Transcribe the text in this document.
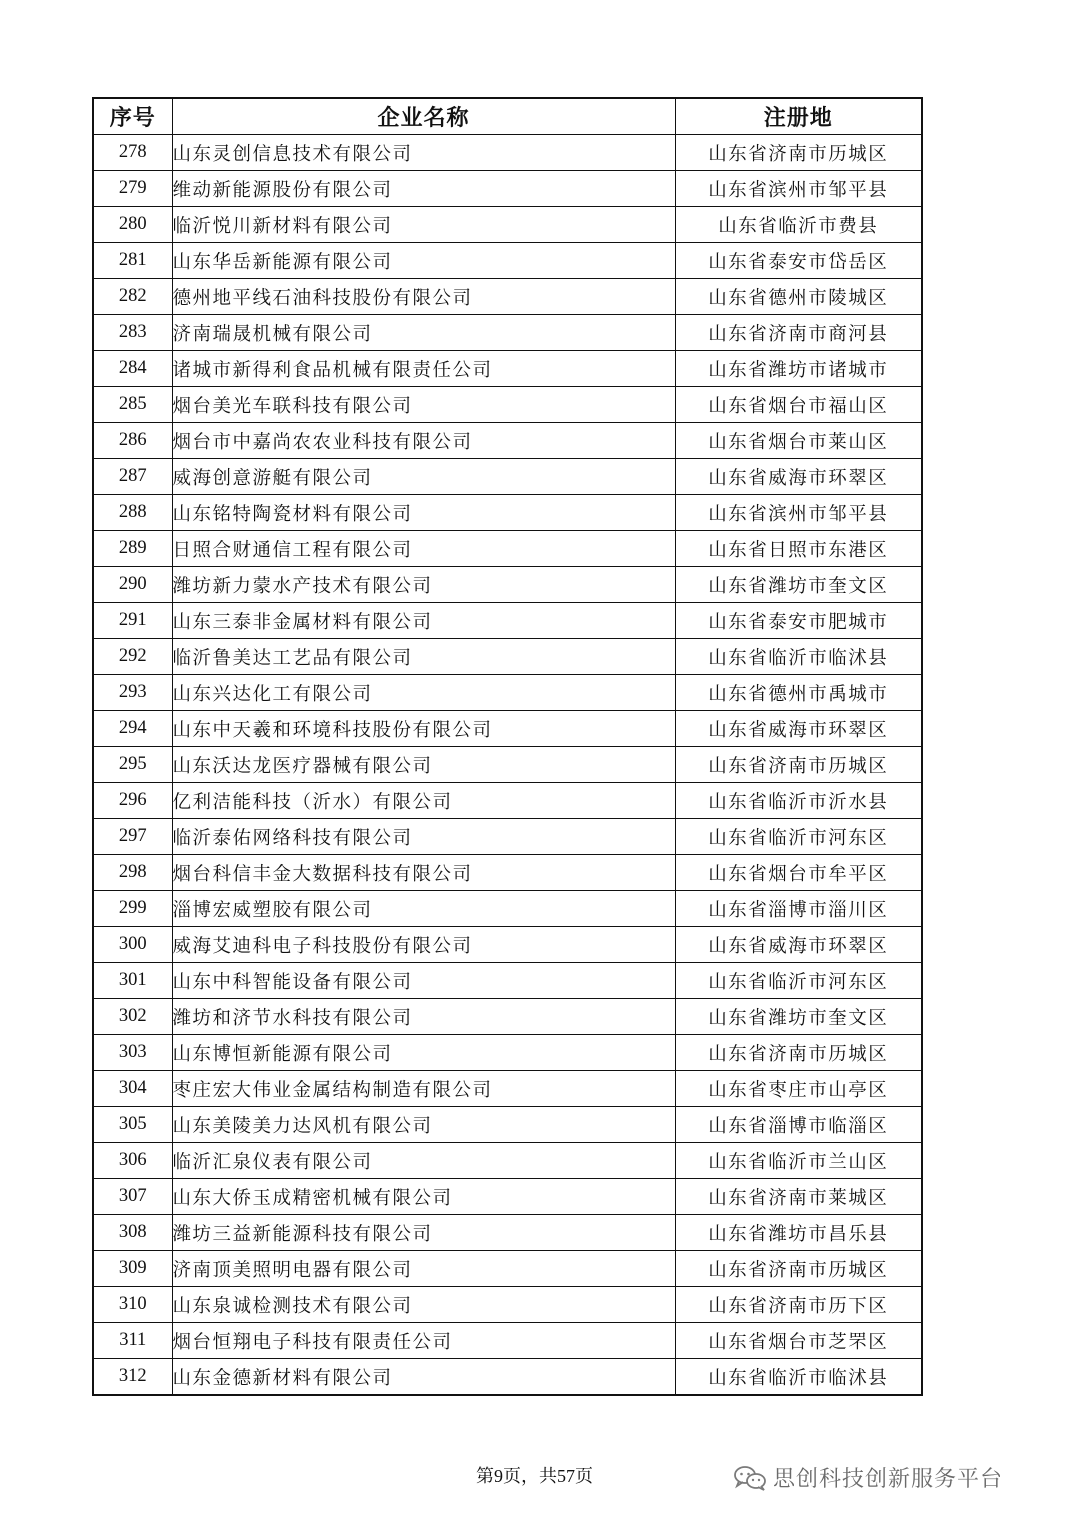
序号	企业名称	注册地
278	山东灵创信息技术有限公司	山东省济南市历城区
279	维动新能源股份有限公司	山东省滨州市邹平县
280	临沂悦川新材料有限公司	山东省临沂市费县
281	山东华岳新能源有限公司	山东省泰安市岱岳区
282	德州地平线石油科技股份有限公司	山东省德州市陵城区
283	济南瑞晟机械有限公司	山东省济南市商河县
284	诸城市新得利食品机械有限责任公司	山东省潍坊市诸城市
285	烟台美光车联科技有限公司	山东省烟台市福山区
286	烟台市中嘉尚农农业科技有限公司	山东省烟台市莱山区
287	威海创意游艇有限公司	山东省威海市环翠区
288	山东铭特陶瓷材料有限公司	山东省滨州市邹平县
289	日照合财通信工程有限公司	山东省日照市东港区
290	潍坊新力蒙水产技术有限公司	山东省潍坊市奎文区
291	山东三泰非金属材料有限公司	山东省泰安市肥城市
292	临沂鲁美达工艺品有限公司	山东省临沂市临沭县
293	山东兴达化工有限公司	山东省德州市禹城市
294	山东中天羲和环境科技股份有限公司	山东省威海市环翠区
295	山东沃达龙医疗器械有限公司	山东省济南市历城区
296	亿利洁能科技（沂水）有限公司	山东省临沂市沂水县
297	临沂泰佑网络科技有限公司	山东省临沂市河东区
298	烟台科信丰金大数据科技有限公司	山东省烟台市牟平区
299	淄博宏威塑胶有限公司	山东省淄博市淄川区
300	威海艾迪科电子科技股份有限公司	山东省威海市环翠区
301	山东中科智能设备有限公司	山东省临沂市河东区
302	潍坊和济节水科技有限公司	山东省潍坊市奎文区
303	山东博恒新能源有限公司	山东省济南市历城区
304	枣庄宏大伟业金属结构制造有限公司	山东省枣庄市山亭区
305	山东美陵美力达风机有限公司	山东省淄博市临淄区
306	临沂汇泉仪表有限公司	山东省临沂市兰山区
307	山东大侨玉成精密机械有限公司	山东省济南市莱城区
308	潍坊三益新能源科技有限公司	山东省潍坊市昌乐县
309	济南顶美照明电器有限公司	山东省济南市历城区
310	山东泉诚检测技术有限公司	山东省济南市历下区
311	烟台恒翔电子科技有限责任公司	山东省烟台市芝罘区
312	山东金德新材料有限公司	山东省临沂市临沭县
第9页，共57页	思创科技创新服务平台
